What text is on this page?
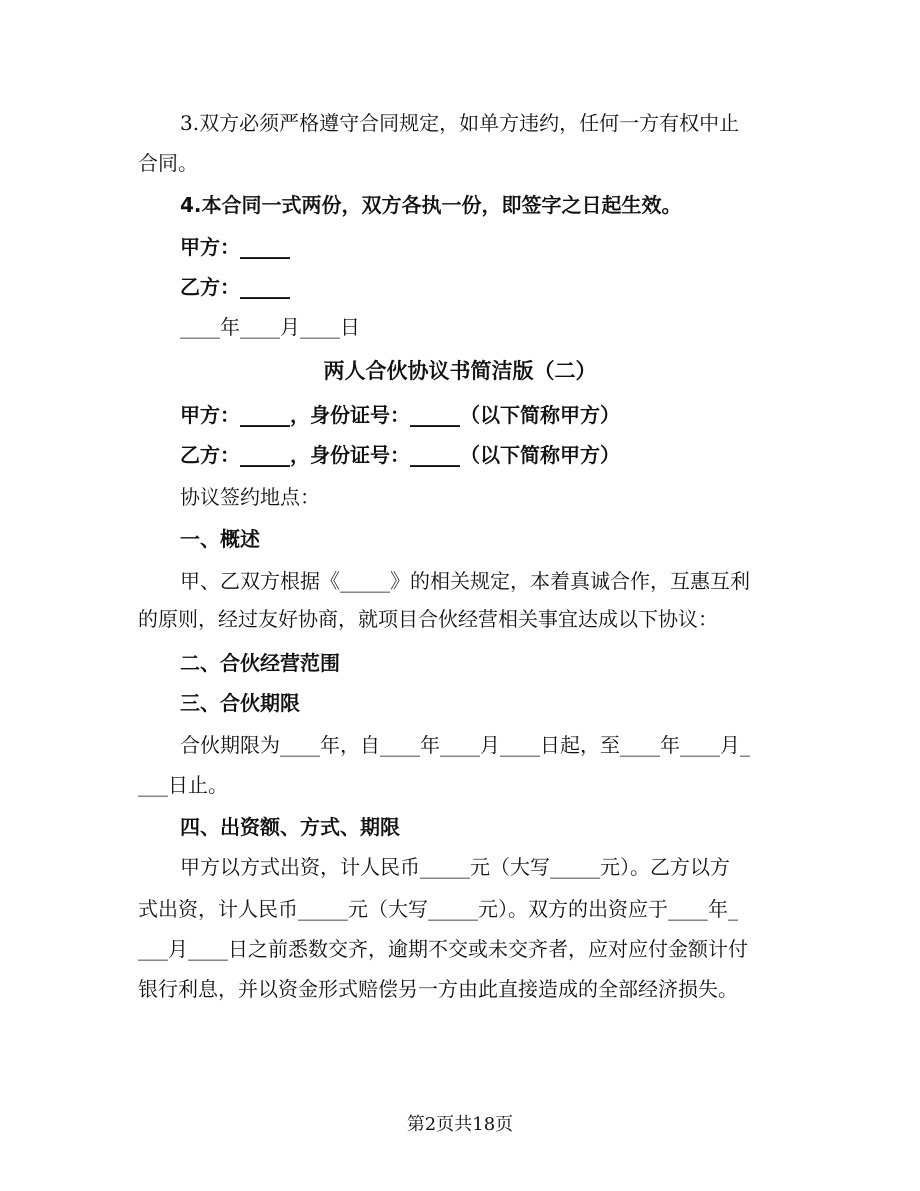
3.双方必须严格遵守合同规定，如单方违约，任何一方有权中止
合同。
4.本合同一式两份，双方各执一份，即签字之日起生效。
甲方：_____
乙方：_____
____年____月____日
两人合伙协议书简洁版（二）
甲方：_____，身份证号：_____（以下简称甲方）
乙方：_____，身份证号：_____（以下简称甲方）
协议签约地点：
一、概述
甲、乙双方根据《_____》的相关规定，本着真诚合作，互惠互利
的原则，经过友好协商，就项目合伙经营相关事宜达成以下协议：
二、合伙经营范围
三、合伙期限
合伙期限为____年，自____年____月____日起，至____年____月_
___日止。
四、出资额、方式、期限
甲方以方式出资，计人民币_____元（大写_____元）。乙方以方
式出资，计人民币_____元（大写_____元）。双方的出资应于____年_
___月____日之前悉数交齐，逾期不交或未交齐者，应对应付金额计付
银行利息，并以资金形式赔偿另一方由此直接造成的全部经济损失。
第2页共18页
